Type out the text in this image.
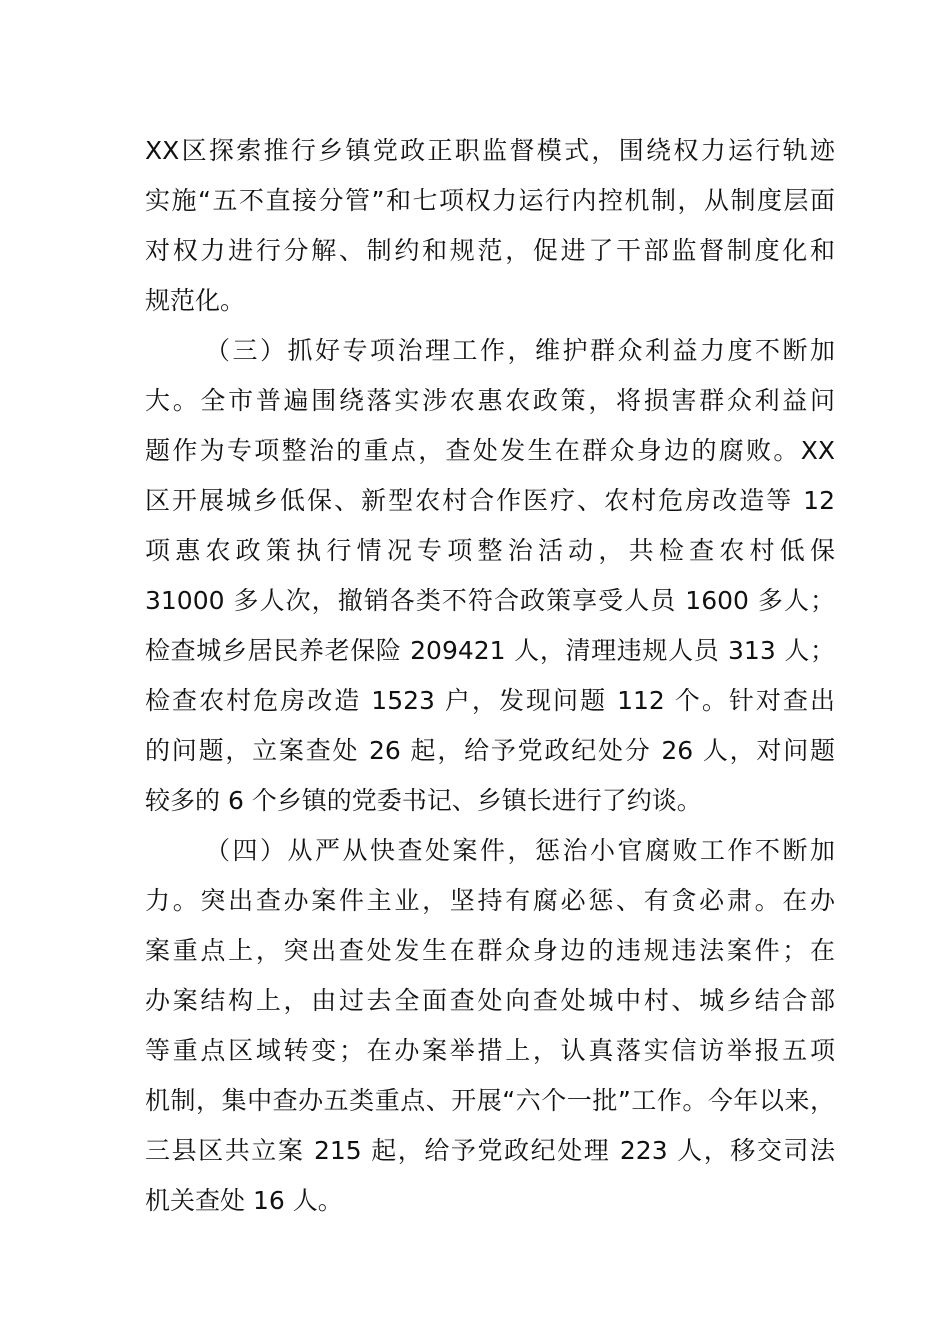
XX区探索推行乡镇党政正职监督模式，围绕权力运行轨迹
实施“五不直接分管”和七项权力运行内控机制，从制度层面
对权力进行分解、制约和规范，促进了干部监督制度化和
规范化。
（三）抓好专项治理工作，维护群众利益力度不断加
大。全市普遍围绕落实涉农惠农政策，将损害群众利益问
题作为专项整治的重点，查处发生在群众身边的腐败。XX
区开展城乡低保、新型农村合作医疗、农村危房改造等 12
项惠农政策执行情况专项整治活动，共检查农村低保
31000 多人次，撤销各类不符合政策享受人员 1600 多人；
检查城乡居民养老保险 209421 人，清理违规人员 313 人；
检查农村危房改造 1523 户，发现问题 112 个。针对查出
的问题，立案查处 26 起，给予党政纪处分 26 人，对问题
较多的 6 个乡镇的党委书记、乡镇长进行了约谈。
（四）从严从快查处案件，惩治小官腐败工作不断加
力。突出查办案件主业，坚持有腐必惩、有贪必肃。在办
案重点上，突出查处发生在群众身边的违规违法案件；在
办案结构上，由过去全面查处向查处城中村、城乡结合部
等重点区域转变；在办案举措上，认真落实信访举报五项
机制，集中查办五类重点、开展“六个一批”工作。今年以来，
三县区共立案 215 起，给予党政纪处理 223 人，移交司法
机关查处 16 人。
